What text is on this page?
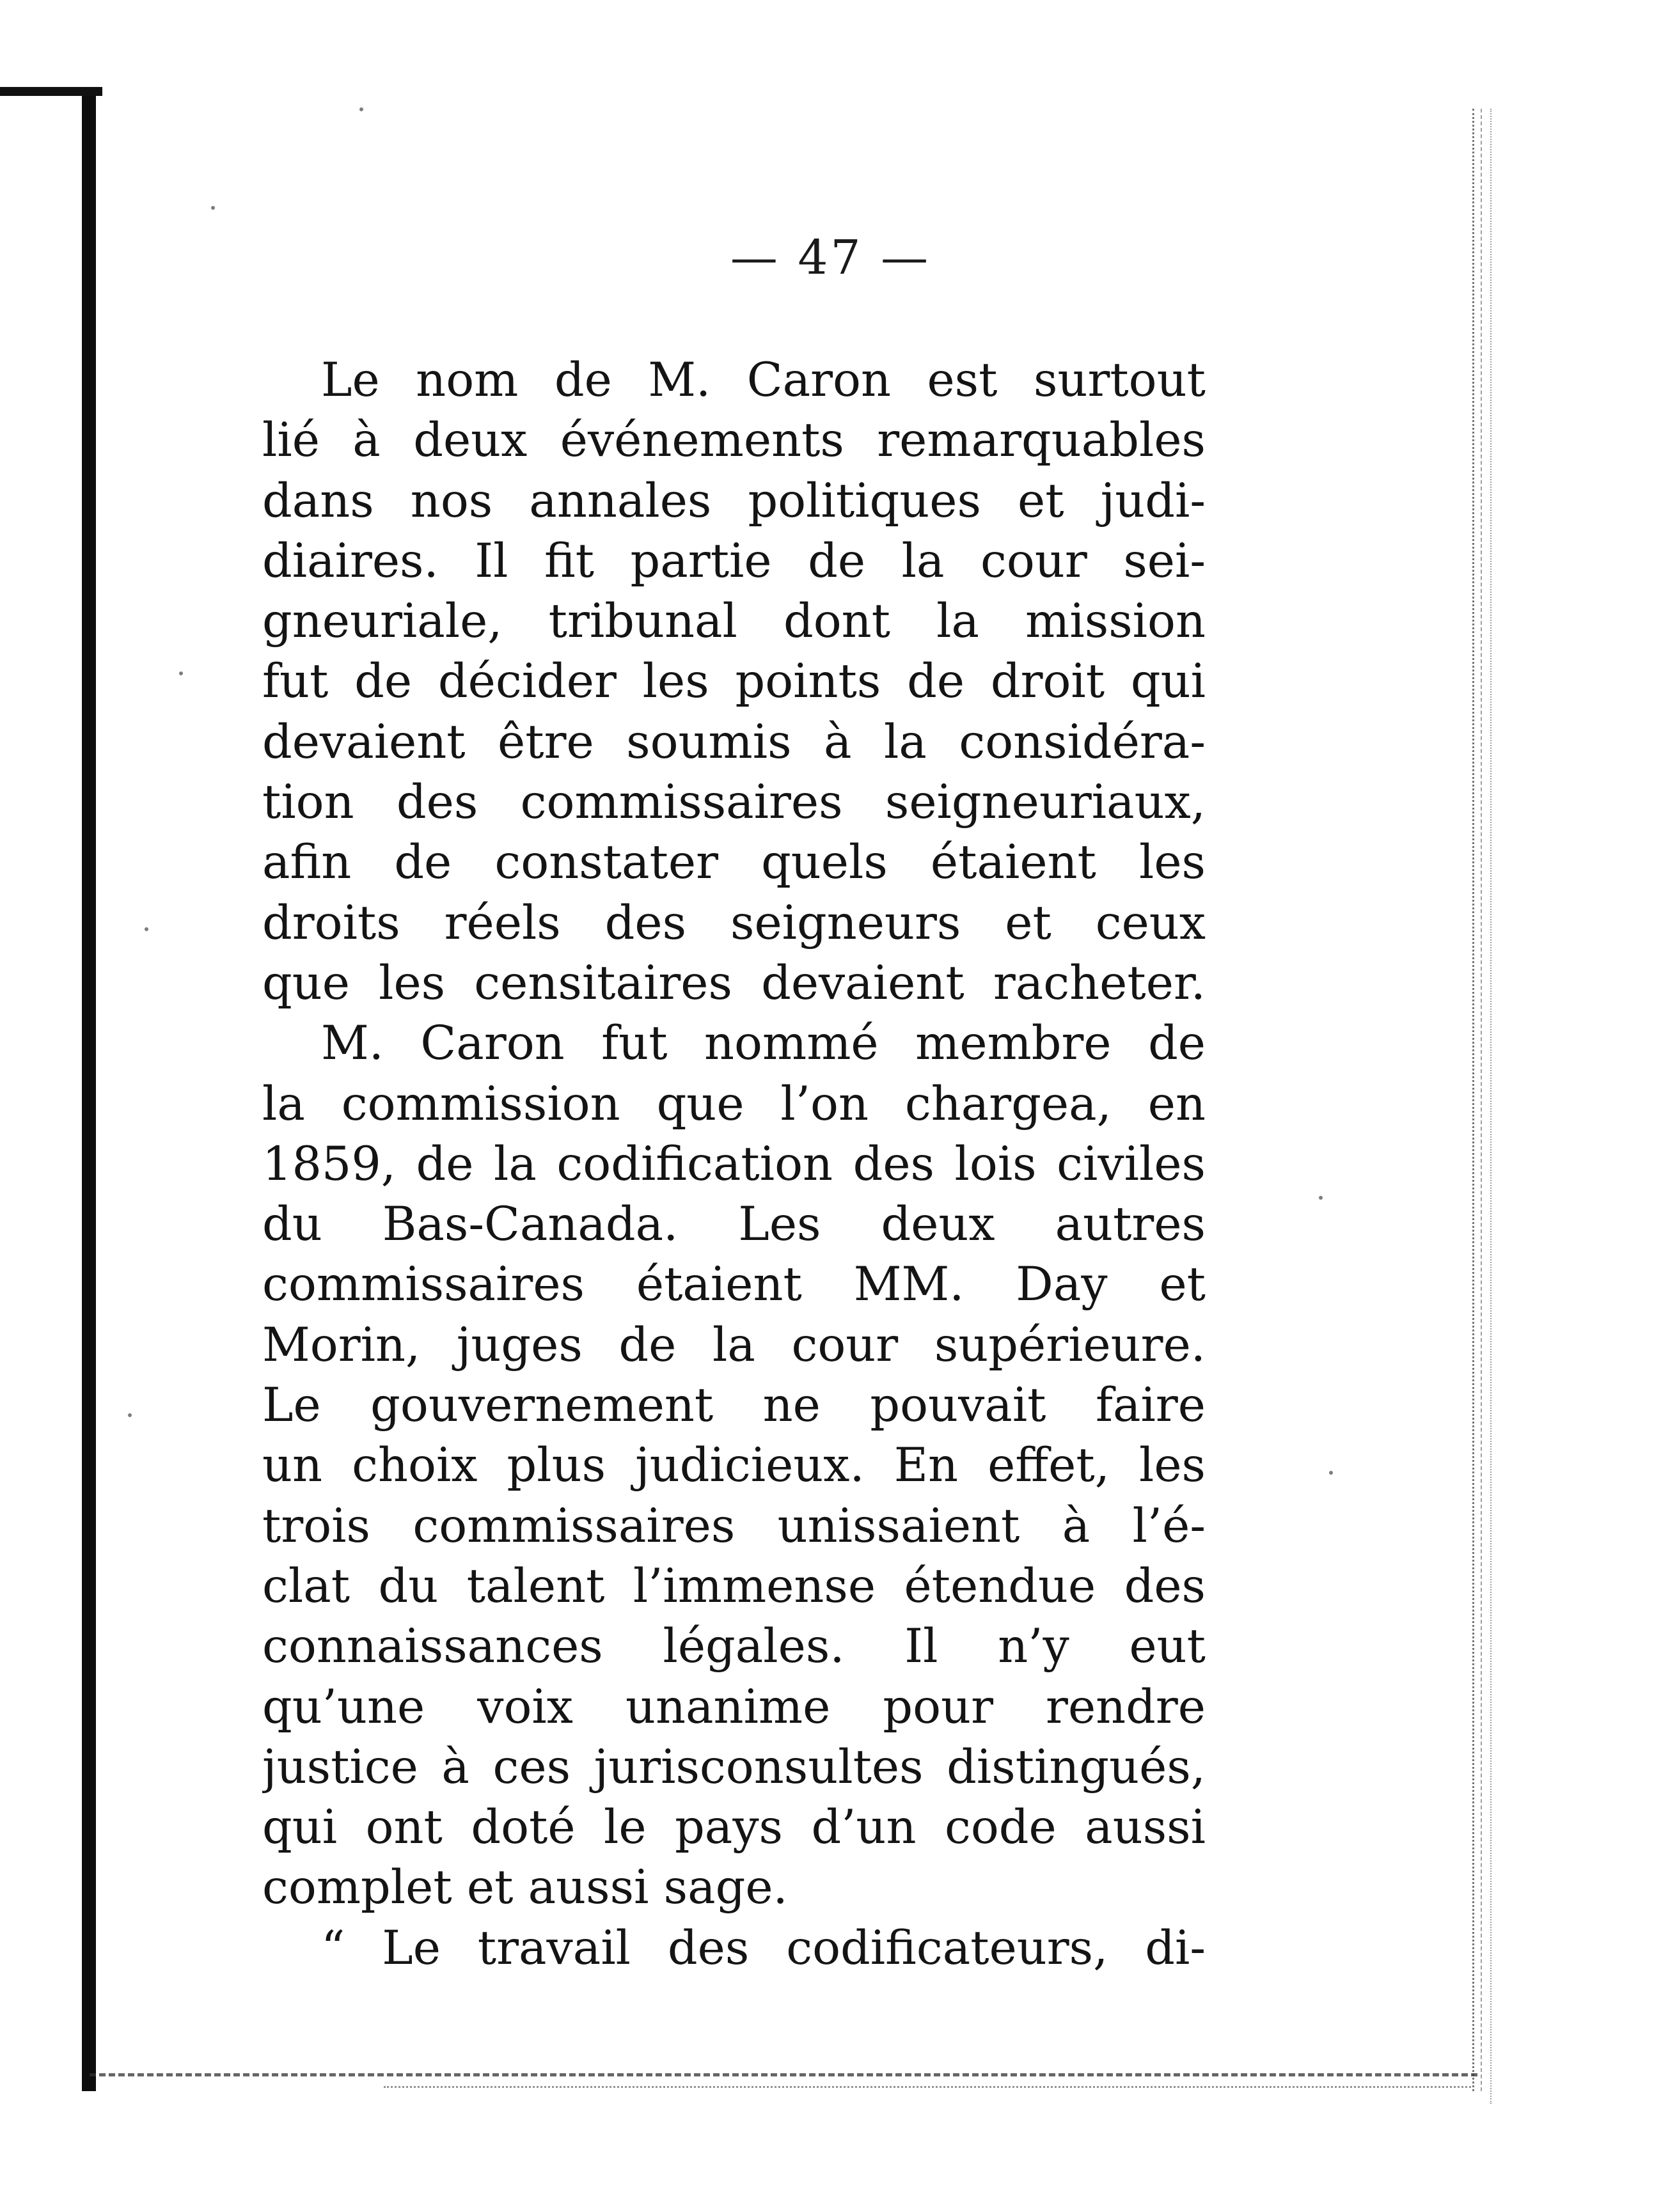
— 47 —
Le nom de M. Caron est surtout
lié à deux événements remarquables
dans nos annales politiques et judi-
diaires. Il fit partie de la cour sei-
gneuriale, tribunal dont la mission
fut de décider les points de droit qui
devaient être soumis à la considéra-
tion des commissaires seigneuriaux,
afin de constater quels étaient les
droits réels des seigneurs et ceux
que les censitaires devaient racheter.
M. Caron fut nommé membre de
la commission que l’on chargea, en
1859, de la codification des lois civiles
du Bas-Canada. Les deux autres
commissaires étaient MM. Day et
Morin, juges de la cour supérieure.
Le gouvernement ne pouvait faire
un choix plus judicieux. En effet, les
trois commissaires unissaient à l’é-
clat du talent l’immense étendue des
connaissances légales. Il n’y eut
qu’une voix unanime pour rendre
justice à ces jurisconsultes distingués,
qui ont doté le pays d’un code aussi
complet et aussi sage.
“ Le travail des codificateurs, di-
